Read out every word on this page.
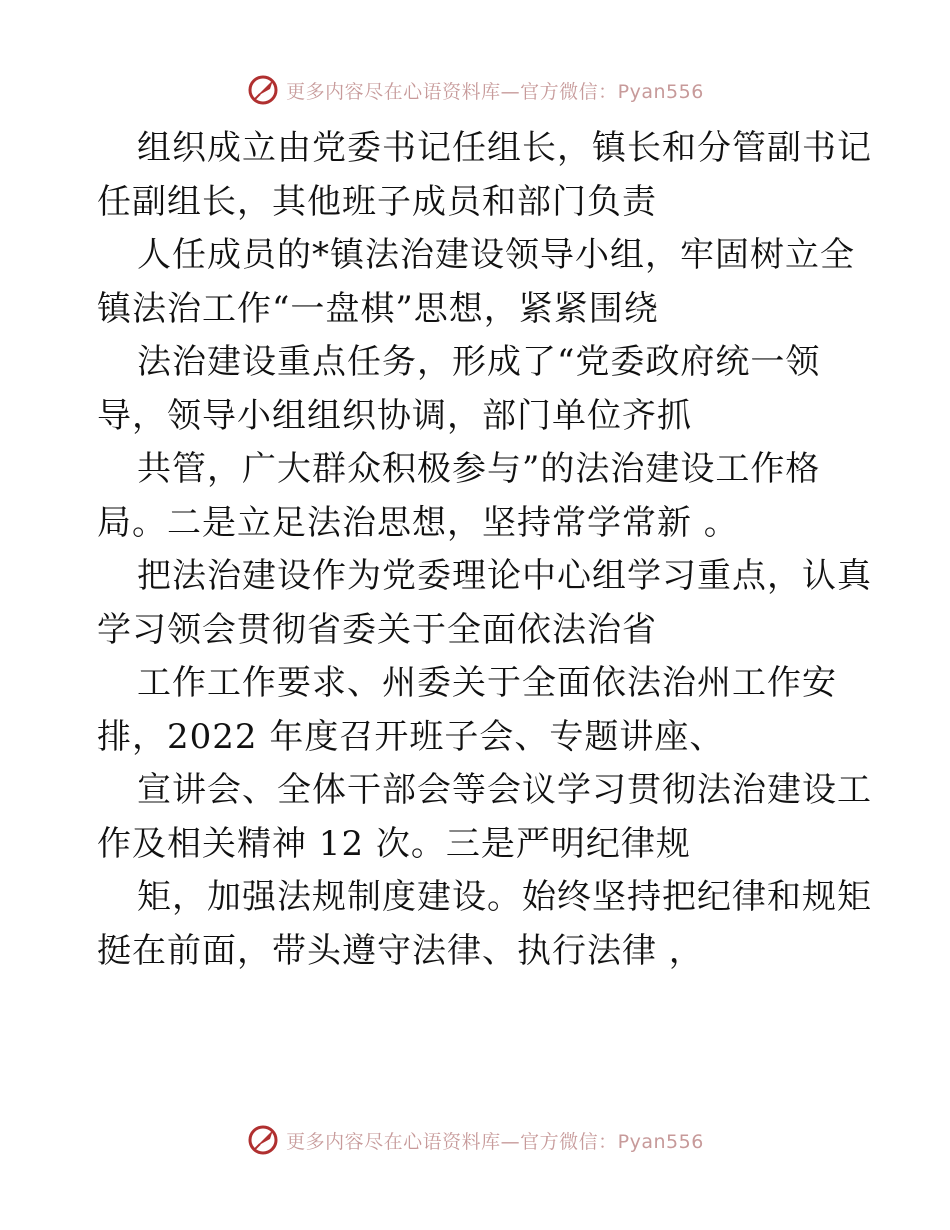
更多内容尽在心语资料库—官方微信：Pyan556

组织成立由党委书记任组长，镇长和分管副书记
任副组长，其他班子成员和部门负责

人任成员的*镇法治建设领导小组，牢固树立全
镇法治工作“一盘棋”思想，紧紧围绕

法治建设重点任务，形成了“党委政府统一领
导，领导小组组织协调，部门单位齐抓

共管，广大群众积极参与”的法治建设工作格
局。二是立足法治思想，坚持常学常新 。

把法治建设作为党委理论中心组学习重点，认真
学习领会贯彻省委关于全面依法治省

工作工作要求、州委关于全面依法治州工作安
排，2022 年度召开班子会、专题讲座、

宣讲会、全体干部会等会议学习贯彻法治建设工
作及相关精神 12 次。三是严明纪律规

矩，加强法规制度建设。始终坚持把纪律和规矩
挺在前面，带头遵守法律、执行法律 ，

更多内容尽在心语资料库—官方微信：Pyan556
